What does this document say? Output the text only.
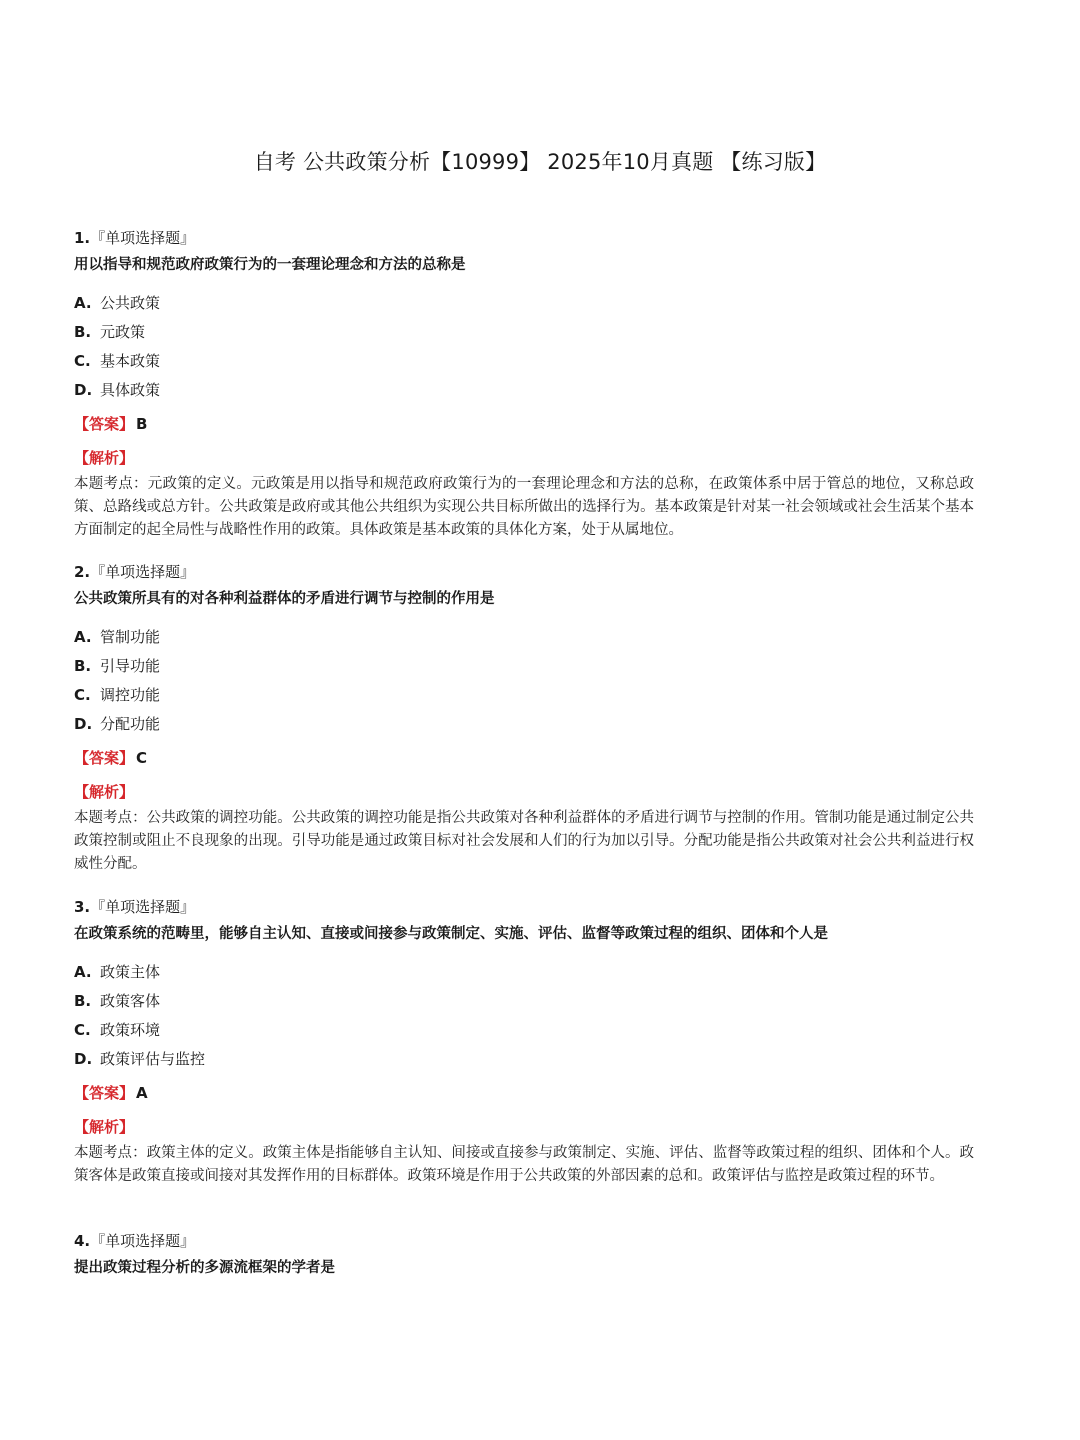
自考 公共政策分析【10999】 2025年10月真题 【练习版】
1.『单项选择题』
用以指导和规范政府政策行为的一套理论理念和方法的总称是
A. 公共政策
B. 元政策
C. 基本政策
D. 具体政策
【答案】 B
【解析】
本题考点：元政策的定义。元政策是用以指导和规范政府政策行为的一套理论理念和方法的总称，在政策体系中居于管总的地位，又称总政策、总路线或总方针。公共政策是政府或其他公共组织为实现公共目标所做出的选择行为。基本政策是针对某一社会领域或社会生活某个基本方面制定的起全局性与战略性作用的政策。具体政策是基本政策的具体化方案，处于从属地位。
2.『单项选择题』
公共政策所具有的对各种利益群体的矛盾进行调节与控制的作用是
A. 管制功能
B. 引导功能
C. 调控功能
D. 分配功能
【答案】 C
【解析】
本题考点：公共政策的调控功能。公共政策的调控功能是指公共政策对各种利益群体的矛盾进行调节与控制的作用。管制功能是通过制定公共政策控制或阻止不良现象的出现。引导功能是通过政策目标对社会发展和人们的行为加以引导。分配功能是指公共政策对社会公共利益进行权威性分配。
3.『单项选择题』
在政策系统的范畴里，能够自主认知、直接或间接参与政策制定、实施、评估、监督等政策过程的组织、团体和个人是
A. 政策主体
B. 政策客体
C. 政策环境
D. 政策评估与监控
【答案】 A
【解析】
本题考点：政策主体的定义。政策主体是指能够自主认知、间接或直接参与政策制定、实施、评估、监督等政策过程的组织、团体和个人。政策客体是政策直接或间接对其发挥作用的目标群体。政策环境是作用于公共政策的外部因素的总和。政策评估与监控是政策过程的环节。
4.『单项选择题』
提出政策过程分析的多源流框架的学者是
